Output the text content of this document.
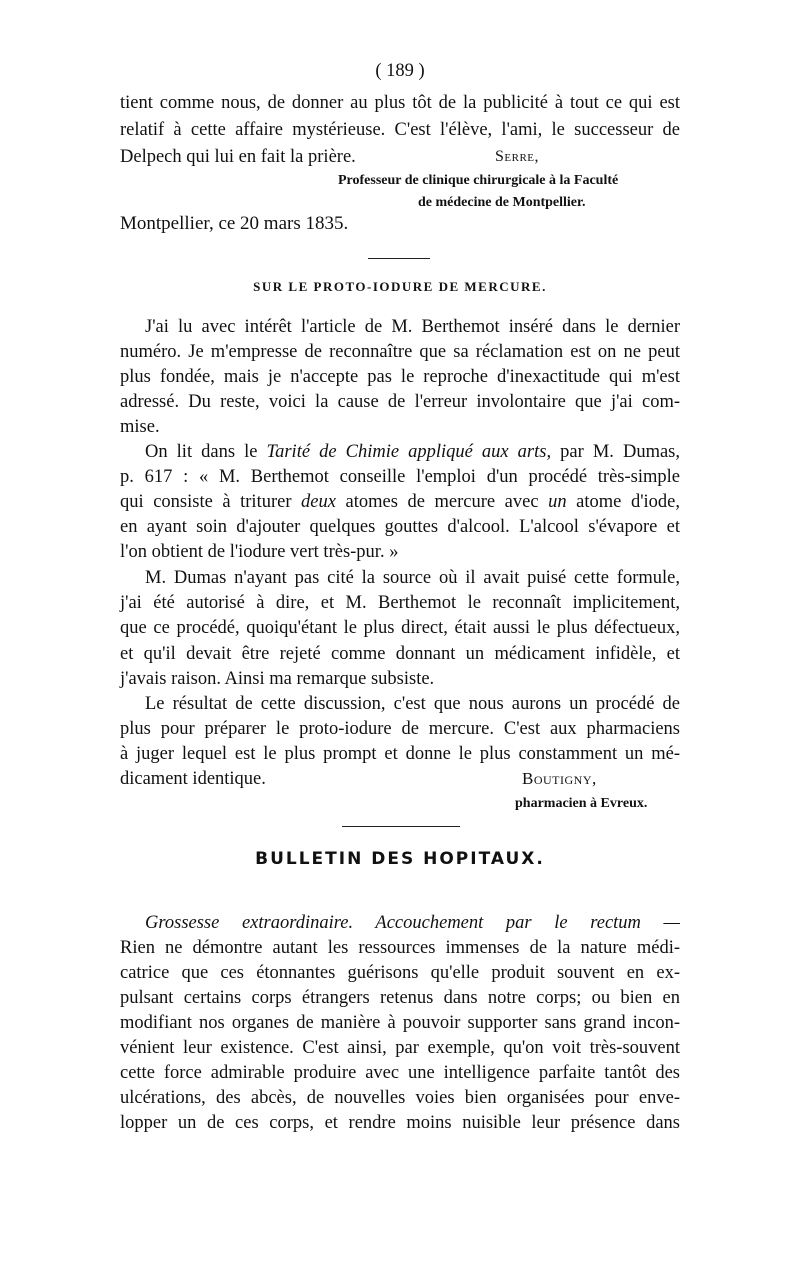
( 189 )
tient comme nous, de donner au plus tôt de la publicité à tout ce qui est
relatif à cette affaire mystérieuse. C'est l'élève, l'ami, le successeur de
Delpech qui lui en fait la prière.	Serre,
Professeur de clinique chirurgicale à la Faculté
de médecine de Montpellier.
Montpellier, ce 20 mars 1835.
SUR LE PROTO-IODURE DE MERCURE.
J'ai lu avec intérêt l'article de M. Berthemot inséré dans le dernier
numéro. Je m'empresse de reconnaître que sa réclamation est on ne peut
plus fondée, mais je n'accepte pas le reproche d'inexactitude qui m'est
adressé. Du reste, voici la cause de l'erreur involontaire que j'ai com-
mise.
On lit dans le Tarité de Chimie appliqué aux arts, par M. Dumas,
p. 617 : « M. Berthemot conseille l'emploi d'un procédé très-simple
qui consiste à triturer deux atomes de mercure avec un atome d'iode,
en ayant soin d'ajouter quelques gouttes d'alcool. L'alcool s'évapore et
l'on obtient de l'iodure vert très-pur. »
M. Dumas n'ayant pas cité la source où il avait puisé cette formule,
j'ai été autorisé à dire, et M. Berthemot le reconnaît implicitement,
que ce procédé, quoiqu'étant le plus direct, était aussi le plus défectueux,
et qu'il devait être rejeté comme donnant un médicament infidèle, et
j'avais raison. Ainsi ma remarque subsiste.
Le résultat de cette discussion, c'est que nous aurons un procédé de
plus pour préparer le proto-iodure de mercure. C'est aux pharmaciens
à juger lequel est le plus prompt et donne le plus constamment un mé-
dicament identique.	Boutigny,
pharmacien à Evreux.
BULLETIN DES HOPITAUX.
Grossesse extraordinaire. Accouchement par le rectum —
Rien ne démontre autant les ressources immenses de la nature médi-
catrice que ces étonnantes guérisons qu'elle produit souvent en ex-
pulsant certains corps étrangers retenus dans notre corps; ou bien en
modifiant nos organes de manière à pouvoir supporter sans grand incon-
vénient leur existence. C'est ainsi, par exemple, qu'on voit très-souvent
cette force admirable produire avec une intelligence parfaite tantôt des
ulcérations, des abcès, de nouvelles voies bien organisées pour enve-
lopper un de ces corps, et rendre moins nuisible leur présence dans
